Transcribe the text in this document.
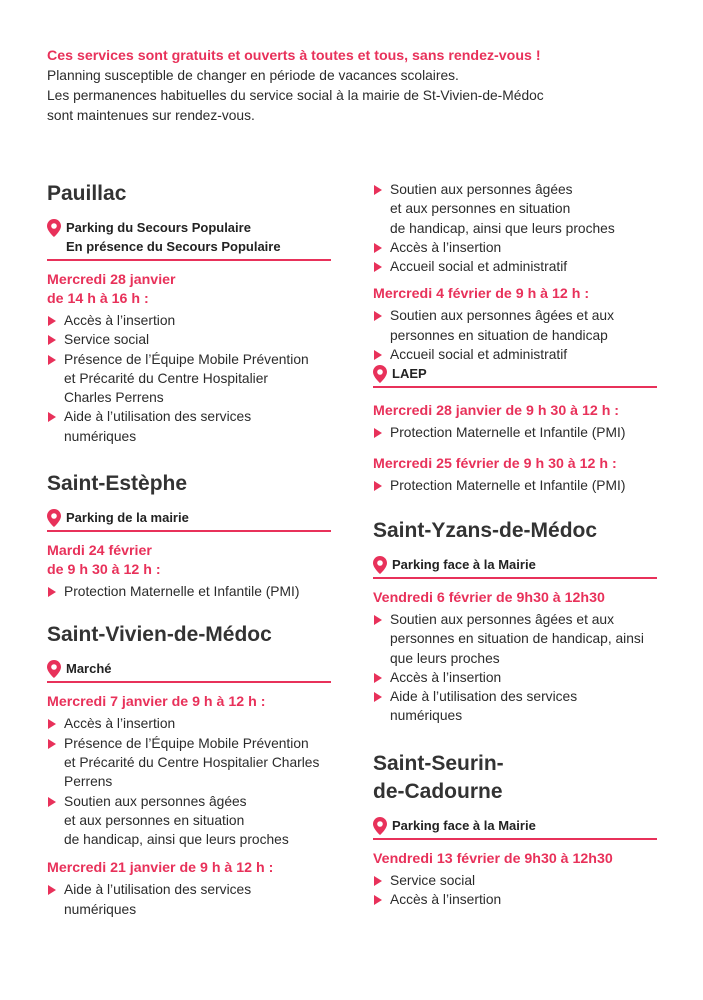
Ces services sont gratuits et ouverts à toutes et tous, sans rendez-vous !
Planning susceptible de changer en période de vacances scolaires.
Les permanences habituelles du service social à la mairie de St-Vivien-de-Médoc
sont maintenues sur rendez-vous.
Pauillac
Parking du Secours Populaire
En présence du Secours Populaire
Mercredi 28 janvier
de 14 h à 16 h :
Accès à l’insertion
Service social
Présence de l’Équipe Mobile Prévention
et Précarité du Centre Hospitalier
Charles Perrens
Aide à l’utilisation des services
numériques
Saint-Estèphe
Parking de la mairie
Mardi 24 février
de 9 h 30 à 12 h :
Protection Maternelle et Infantile (PMI)
Saint-Vivien-de-Médoc
Marché
Mercredi 7 janvier de 9 h à 12 h :
Accès à l’insertion
Présence de l’Équipe Mobile Prévention
et Précarité du Centre Hospitalier Charles
Perrens
Soutien aux personnes âgées
et aux personnes en situation
de handicap, ainsi que leurs proches
Mercredi 21 janvier de 9 h à 12 h :
Aide à l’utilisation des services
numériques
Soutien aux personnes âgées
et aux personnes en situation
de handicap, ainsi que leurs proches
Accès à l’insertion
Accueil social et administratif
Mercredi 4 février de 9 h à 12 h :
Soutien aux personnes âgées et aux
personnes en situation de handicap
Accueil social et administratif
LAEP
Mercredi 28 janvier de 9 h 30 à 12 h :
Protection Maternelle et Infantile (PMI)
Mercredi 25 février de 9 h 30 à 12 h :
Protection Maternelle et Infantile (PMI)
Saint-Yzans-de-Médoc
Parking face à la Mairie
Vendredi 6 février de 9h30 à 12h30
Soutien aux personnes âgées et aux
personnes en situation de handicap, ainsi
que leurs proches
Accès à l’insertion
Aide à l’utilisation des services
numériques
Saint-Seurin-
de-Cadourne
Parking face à la Mairie
Vendredi 13 février de 9h30 à 12h30
Service social
Accès à l’insertion
